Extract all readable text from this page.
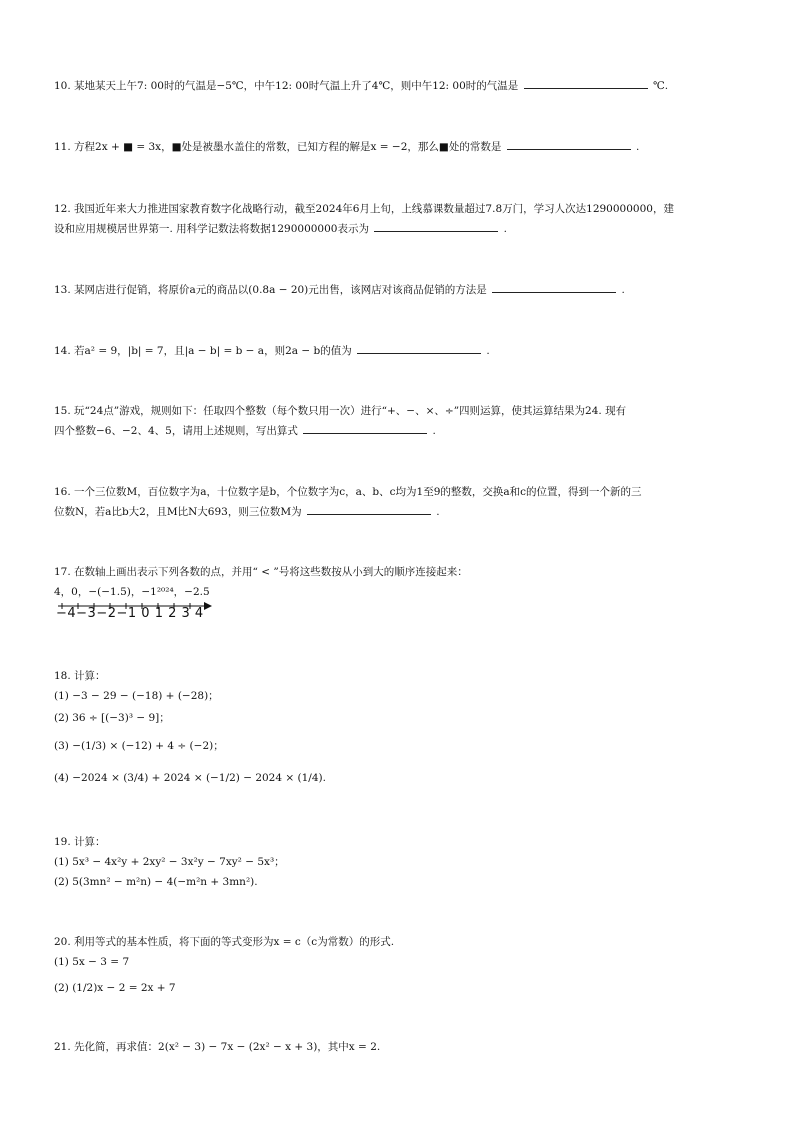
10. 某地某天上午7: 00时的气温是−5℃，中午12: 00时气温上升了4℃，则中午12: 00时的气温是	℃.
11. 方程2x + ■ = 3x，■处是被墨水盖住的常数，已知方程的解是x = −2，那么■处的常数是	.
12. 我国近年来大力推进国家教育数字化战略行动，截至2024年6月上旬，上线慕课数量超过7.8万门，学习人次达1290000000，建
设和应用规模居世界第一. 用科学记数法将数据1290000000表示为	.
13. 某网店进行促销，将原价a元的商品以(0.8a − 20)元出售，该网店对该商品促销的方法是	.
14. 若a² = 9，|b| = 7，且|a − b| = b − a，则2a − b的值为	.
15. 玩“24点”游戏，规则如下：任取四个整数（每个数只用一次）进行“+、−、×、÷”四则运算，使其运算结果为24. 现有
四个整数−6、−2、4、5，请用上述规则，写出算式	.
16. 一个三位数M，百位数字为a，十位数字是b，个位数字为c，a、b、c均为1至9的整数，交换a和c的位置，得到一个新的三
位数N，若a比b大2，且M比N大693，则三位数M为	.
17. 在数轴上画出表示下列各数的点，并用“ < ”号将这些数按从小到大的顺序连接起来：
4，0，−(−1.5)，−1²⁰²⁴，−2.5
−4−3−2−1 0 1 2 3 4
18. 计算：
(1) −3 − 29 − (−18) + (−28)；
(2) 36 ÷ [(−3)³ − 9]；
(3) −(1/3) × (−12) + 4 ÷ (−2)；
(4) −2024 × (3/4) + 2024 × (−1/2) − 2024 × (1/4).
19. 计算：
(1) 5x³ − 4x²y + 2xy² − 3x²y − 7xy² − 5x³；
(2) 5(3mn² − m²n) − 4(−m²n + 3mn²).
20. 利用等式的基本性质，将下面的等式变形为x = c（c为常数）的形式.
(1) 5x − 3 = 7
(2) (1/2)x − 2 = 2x + 7
21. 先化简，再求值：2(x² − 3) − 7x − (2x² − x + 3)，其中x = 2.
